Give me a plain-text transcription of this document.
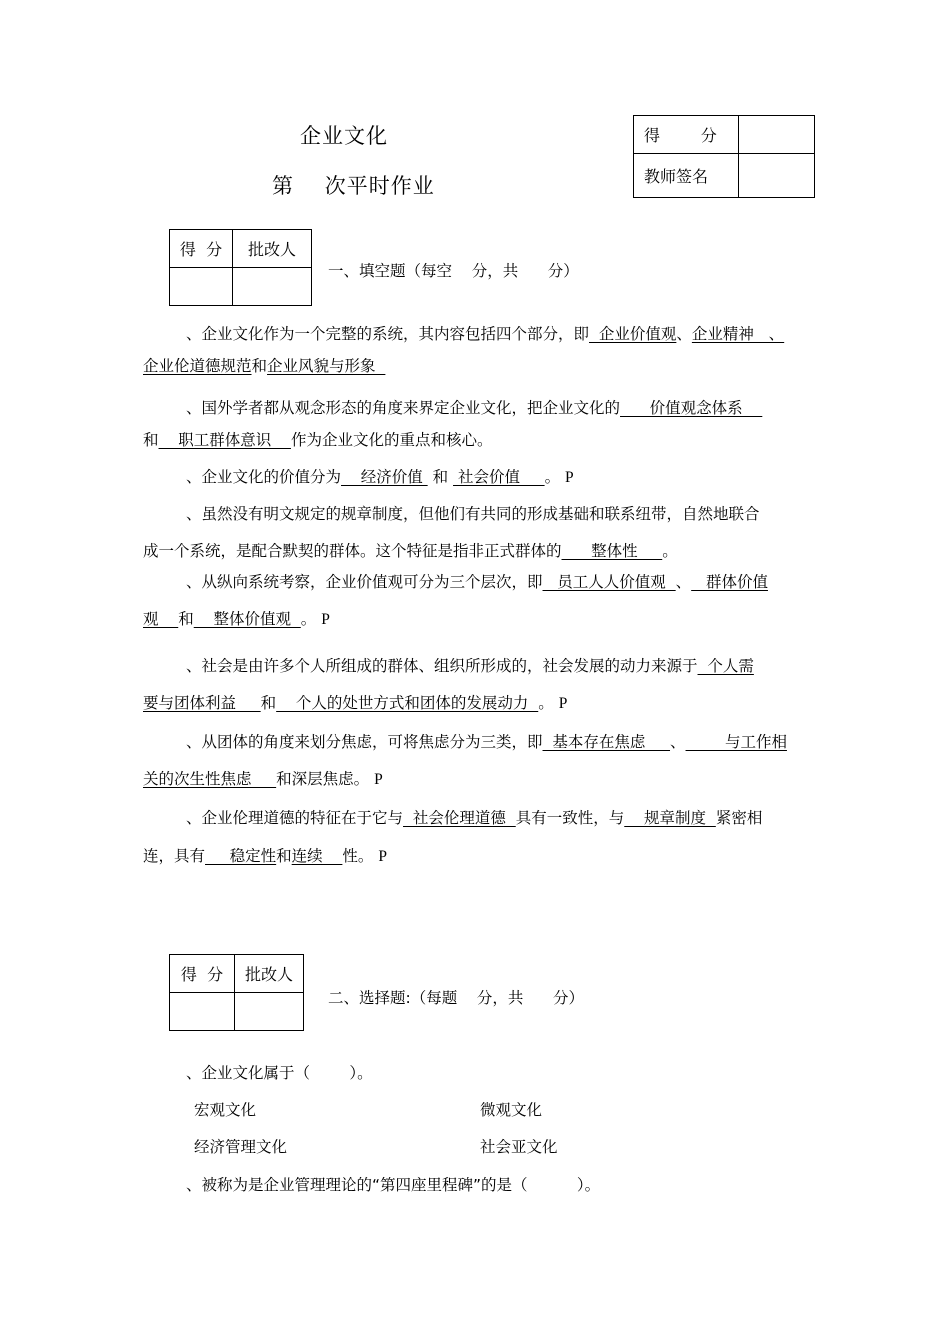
企业文化
第    次平时作业
得        分	
教师签名	
得  分	批改人

一、填空题（每空    分，共      分）
、企业文化作为一个完整的系统，其内容包括四个部分，即  企业价值观、企业精神   、
企业伦道德规范和企业风貌与形象
、国外学者都从观念形态的角度来界定企业文化，把企业文化的      价值观念体系
和    职工群体意识    作为企业文化的重点和核心。
、企业文化的价值分为    经济价值  和  社会价值     。 P
、虽然没有明文规定的规章制度，但他们有共同的形成基础和联系纽带，自然地联合
成一个系统，是配合默契的群体。这个特征是指非正式群体的      整体性     。
、从纵向系统考察，企业价值观可分为三个层次，即   员工人人价值观  、   群体价值
观    和    整体价值观  。 P
、社会是由许多个人所组成的群体、组织所形成的，社会发展的动力来源于  个人需
要与团体利益     和    个人的处世方式和团体的发展动力  。 P
、从团体的角度来划分焦虑，可将焦虑分为三类，即  基本存在焦虑     、        与工作相
关的次生性焦虑     和深层焦虑。 P
、企业伦理道德的特征在于它与  社会伦理道德  具有一致性，与    规章制度  紧密相
连，具有     稳定性和连续    性。 P
得  分	批改人

二、选择题:（每题    分，共      分）
、企业文化属于（        ）。
宏观文化	微观文化
经济管理文化	社会亚文化
、被称为是企业管理理论的“第四座里程碑”的是（          ）。
